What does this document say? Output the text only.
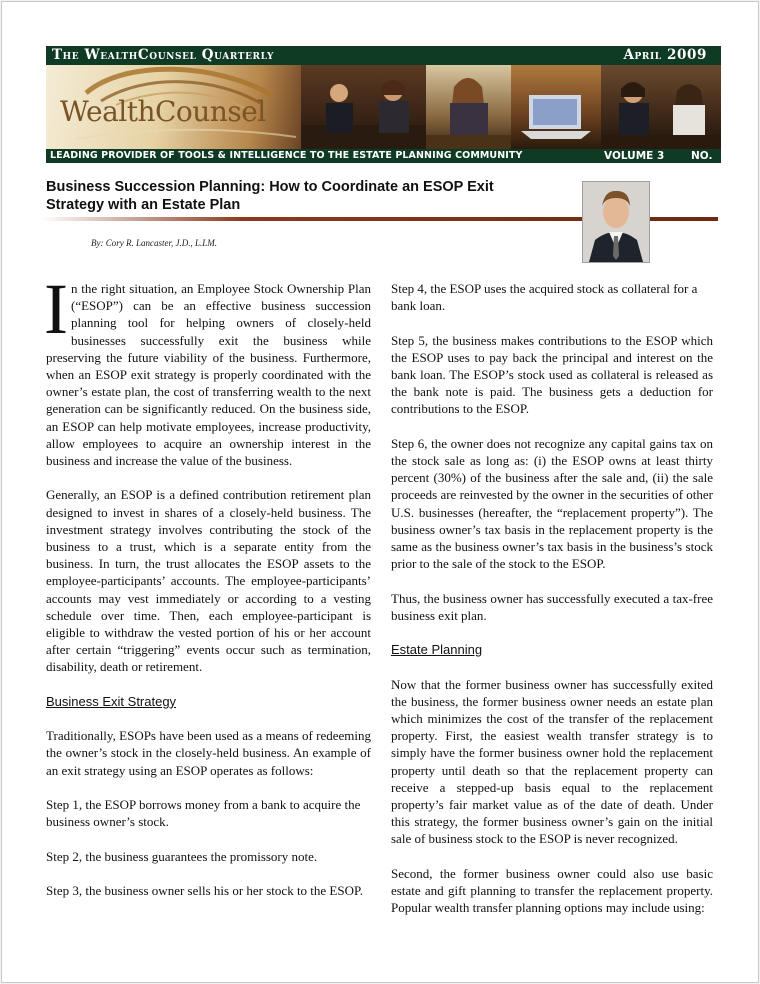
The WealthCounsel Quarterly	April 2009
WealthCounsel
LEADING PROVIDER OF TOOLS & INTELLIGENCE TO THE ESTATE PLANNING COMMUNITY	VOLUME 3	NO. 2
Business Succession Planning: How to Coordinate an ESOP Exit
Strategy with an Estate Plan
By: Cory R. Lancaster, J.D., L.LM.

In the right situation, an Employee Stock Ownership Plan (“ESOP”) can be an effective business succession planning tool for helping owners of closely-held businesses successfully exit the business while preserving the future viability of the business. Furthermore, when an ESOP exit strategy is properly coordinated with the owner’s estate plan, the cost of transferring wealth to the next generation can be significantly reduced. On the business side, an ESOP can help motivate employees, increase productivity, allow employees to acquire an ownership interest in the business and increase the value of the business.

Generally, an ESOP is a defined contribution retirement plan designed to invest in shares of a closely-held business. The investment strategy involves contributing the stock of the business to a trust, which is a separate entity from the business. In turn, the trust allocates the ESOP assets to the employee-participants’ accounts. The employee-participants’ accounts may vest immediately or according to a vesting schedule over time. Then, each employee-participant is eligible to withdraw the vested portion of his or her account after certain “triggering” events occur such as termination, disability, death or retirement.

Business Exit Strategy

Traditionally, ESOPs have been used as a means of redeeming the owner’s stock in the closely-held business. An example of an exit strategy using an ESOP operates as follows:

Step 1, the ESOP borrows money from a bank to acquire the business owner’s stock.

Step 2, the business guarantees the promissory note.

Step 3, the business owner sells his or her stock to the ESOP.

Step 4, the ESOP uses the acquired stock as collateral for a bank loan.

Step 5, the business makes contributions to the ESOP which the ESOP uses to pay back the principal and interest on the bank loan. The ESOP’s stock used as collateral is released as the bank note is paid. The business gets a deduction for contributions to the ESOP.

Step 6, the owner does not recognize any capital gains tax on the stock sale as long as: (i) the ESOP owns at least thirty percent (30%) of the business after the sale and, (ii) the sale proceeds are reinvested by the owner in the securities of other U.S. businesses (hereafter, the “replacement property”). The business owner’s tax basis in the replacement property is the same as the business owner’s tax basis in the business’s stock prior to the sale of the stock to the ESOP.

Thus, the business owner has successfully executed a tax-free business exit plan.

Estate Planning

Now that the former business owner has successfully exited the business, the former business owner needs an estate plan which minimizes the cost of the transfer of the replacement property. First, the easiest wealth transfer strategy is to simply have the former business owner hold the replacement property until death so that the replacement property can receive a stepped-up basis equal to the replacement property’s fair market value as of the date of death. Under this strategy, the former business owner’s gain on the initial sale of business stock to the ESOP is never recognized.

Second, the former business owner could also use basic estate and gift planning to transfer the replacement property. Popular wealth transfer planning options may include using:
